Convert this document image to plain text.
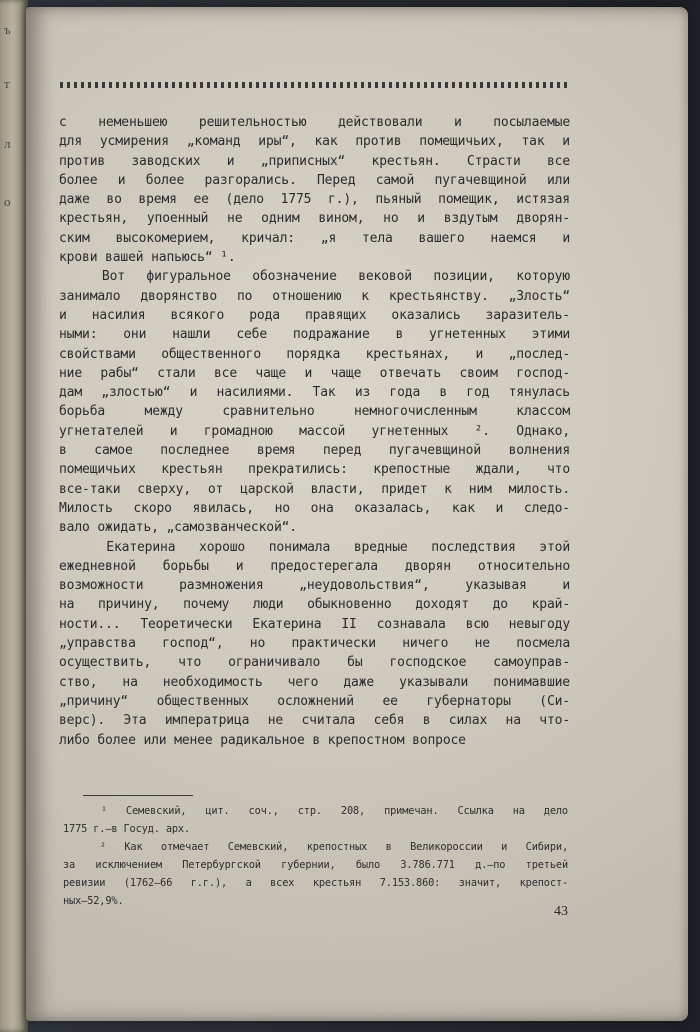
ъ
т
л
о
с неменьшею решительностью действовали и посылаемые
для усмирения „команд иры“, как против помещичьих, так и
против заводских и „приписных“ крестьян. Страсти все
более и более разгорались. Перед самой пугачевщиной или
даже во время ее (дело 1775 г.), пьяный помещик, истязая
крестьян, упоенный не одним вином, но и вздутым дворян-
ским высокомерием, кричал: „я тела вашего наемся и
крови вашей напьюсь“ ¹.
Вот фигуральное обозначение вековой позиции, которую
занимало дворянство по отношению к крестьянству. „Злость“
и насилия всякого рода правящих оказались заразитель-
ными: они нашли себе подражание в угнетенных этими
свойствами общественного порядка крестьянах, и „послед-
ние рабы“ стали все чаще и чаще отвечать своим господ-
дам „злостью“ и насилиями. Так из года в год тянулась
борьба между сравнительно немногочисленным классом
угнетателей и громадною массой угнетенных ². Однако,
в самое последнее время перед пугачевщиной волнения
помещичьих крестьян прекратились: крепостные ждали, что
все-таки сверху, от царской власти, придет к ним милость.
Милость скоро явилась, но она оказалась, как и следо-
вало ожидать, „самозванческой“.
Екатерина хорошо понимала вредные последствия этой
ежедневной борьбы и предостерегала дворян относительно
возможности размножения „неудовольствия“, указывая и
на причину, почему люди обыкновенно доходят до край-
ности... Теоретически Екатерина II сознавала всю невыгоду
„управства господ“, но практически ничего не посмела
осуществить, что ограничивало бы господское самоуправ-
ство, на необходимость чего даже указывали понимавшие
„причину“ общественных осложнений ее губернаторы (Си-
верс). Эта императрица не считала себя в силах на что-
либо более или менее радикальное в крепостном вопросе
¹ Семевский, цит. соч., стр. 208, примечан. Ссылка на дело
1775 г.—в Госуд. арх.
² Как отмечает Семевский, крепостных в Великороссии и Сибири,
за исключением Петербургской губернии, было 3.786.771 д.—по третьей
ревизии (1762—66 г.г.), а всех крестьян 7.153.860: значит, крепост-
ных—52,9%.
43
